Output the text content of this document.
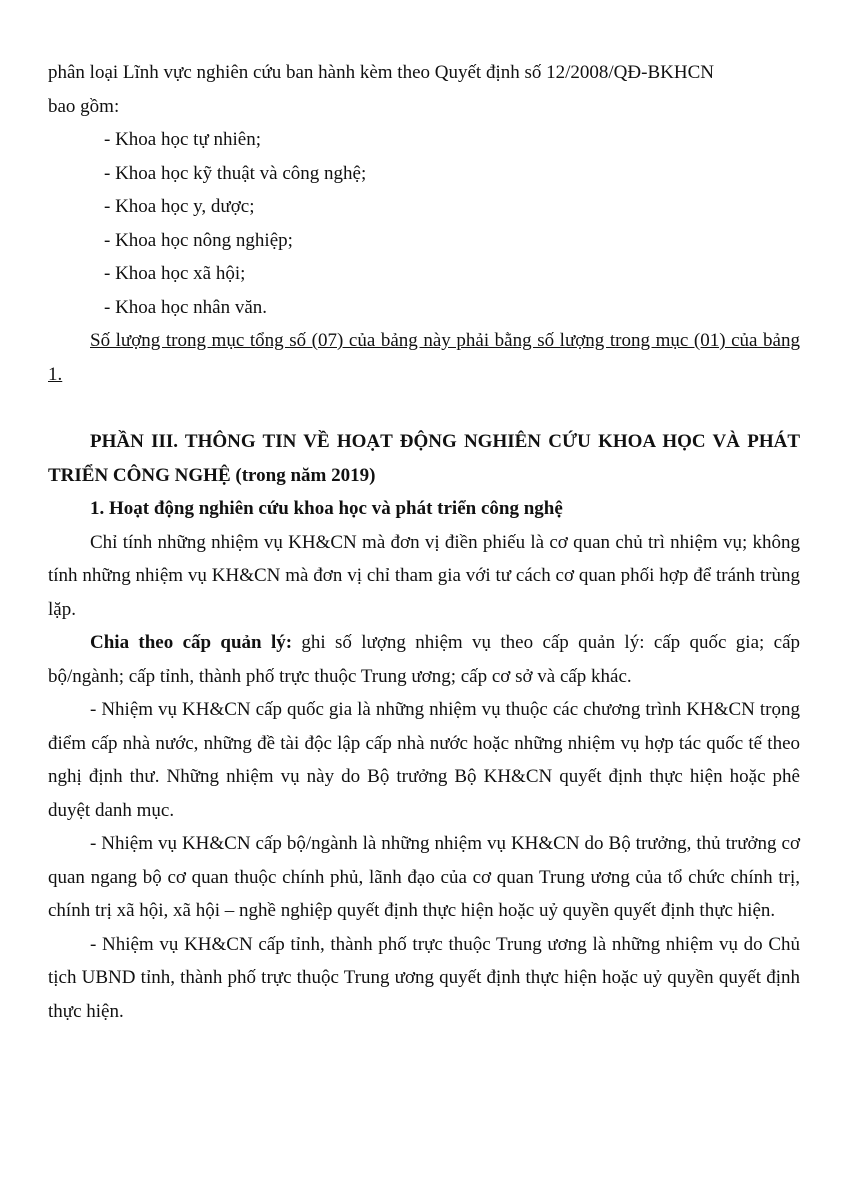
phân loại Lĩnh vực nghiên cứu ban hành kèm theo Quyết định số 12/2008/QĐ-BKHCN

bao gồm:

- Khoa học tự nhiên;

- Khoa học kỹ thuật và công nghệ;

- Khoa học y, dược;

- Khoa học nông nghiệp;

- Khoa học xã hội;

- Khoa học nhân văn.

Số lượng trong mục tổng số (07) của bảng này phải bằng số lượng trong mục (01) của bảng 1.

PHẦN III. THÔNG TIN VỀ HOẠT ĐỘNG NGHIÊN CỨU KHOA HỌC VÀ PHÁT TRIỂN CÔNG NGHỆ (trong năm 2019)

1. Hoạt động nghiên cứu khoa học và phát triển công nghệ

Chỉ tính những nhiệm vụ KH&CN mà đơn vị điền phiếu là cơ quan chủ trì nhiệm vụ; không tính những nhiệm vụ KH&CN mà đơn vị chỉ tham gia với tư cách cơ quan phối hợp để tránh trùng lặp.

Chia theo cấp quản lý: ghi số lượng nhiệm vụ theo cấp quản lý: cấp quốc gia; cấp bộ/ngành; cấp tỉnh, thành phố trực thuộc Trung ương; cấp cơ sở và cấp khác.

- Nhiệm vụ KH&CN cấp quốc gia là những nhiệm vụ thuộc các chương trình KH&CN trọng điểm cấp nhà nước, những đề tài độc lập cấp nhà nước hoặc những nhiệm vụ hợp tác quốc tế theo nghị định thư. Những nhiệm vụ này do Bộ trưởng Bộ KH&CN quyết định thực hiện hoặc phê duyệt danh mục.

- Nhiệm vụ KH&CN cấp bộ/ngành là những nhiệm vụ KH&CN do Bộ trưởng, thủ trưởng cơ quan ngang bộ cơ quan thuộc chính phủ, lãnh đạo của cơ quan Trung ương của tổ chức chính trị, chính trị xã hội, xã hội – nghề nghiệp quyết định thực hiện hoặc uỷ quyền quyết định thực hiện.

- Nhiệm vụ KH&CN cấp tỉnh, thành phố trực thuộc Trung ương là những nhiệm vụ do Chủ tịch UBND tỉnh, thành phố trực thuộc Trung ương quyết định thực hiện hoặc uỷ quyền quyết định thực hiện.
